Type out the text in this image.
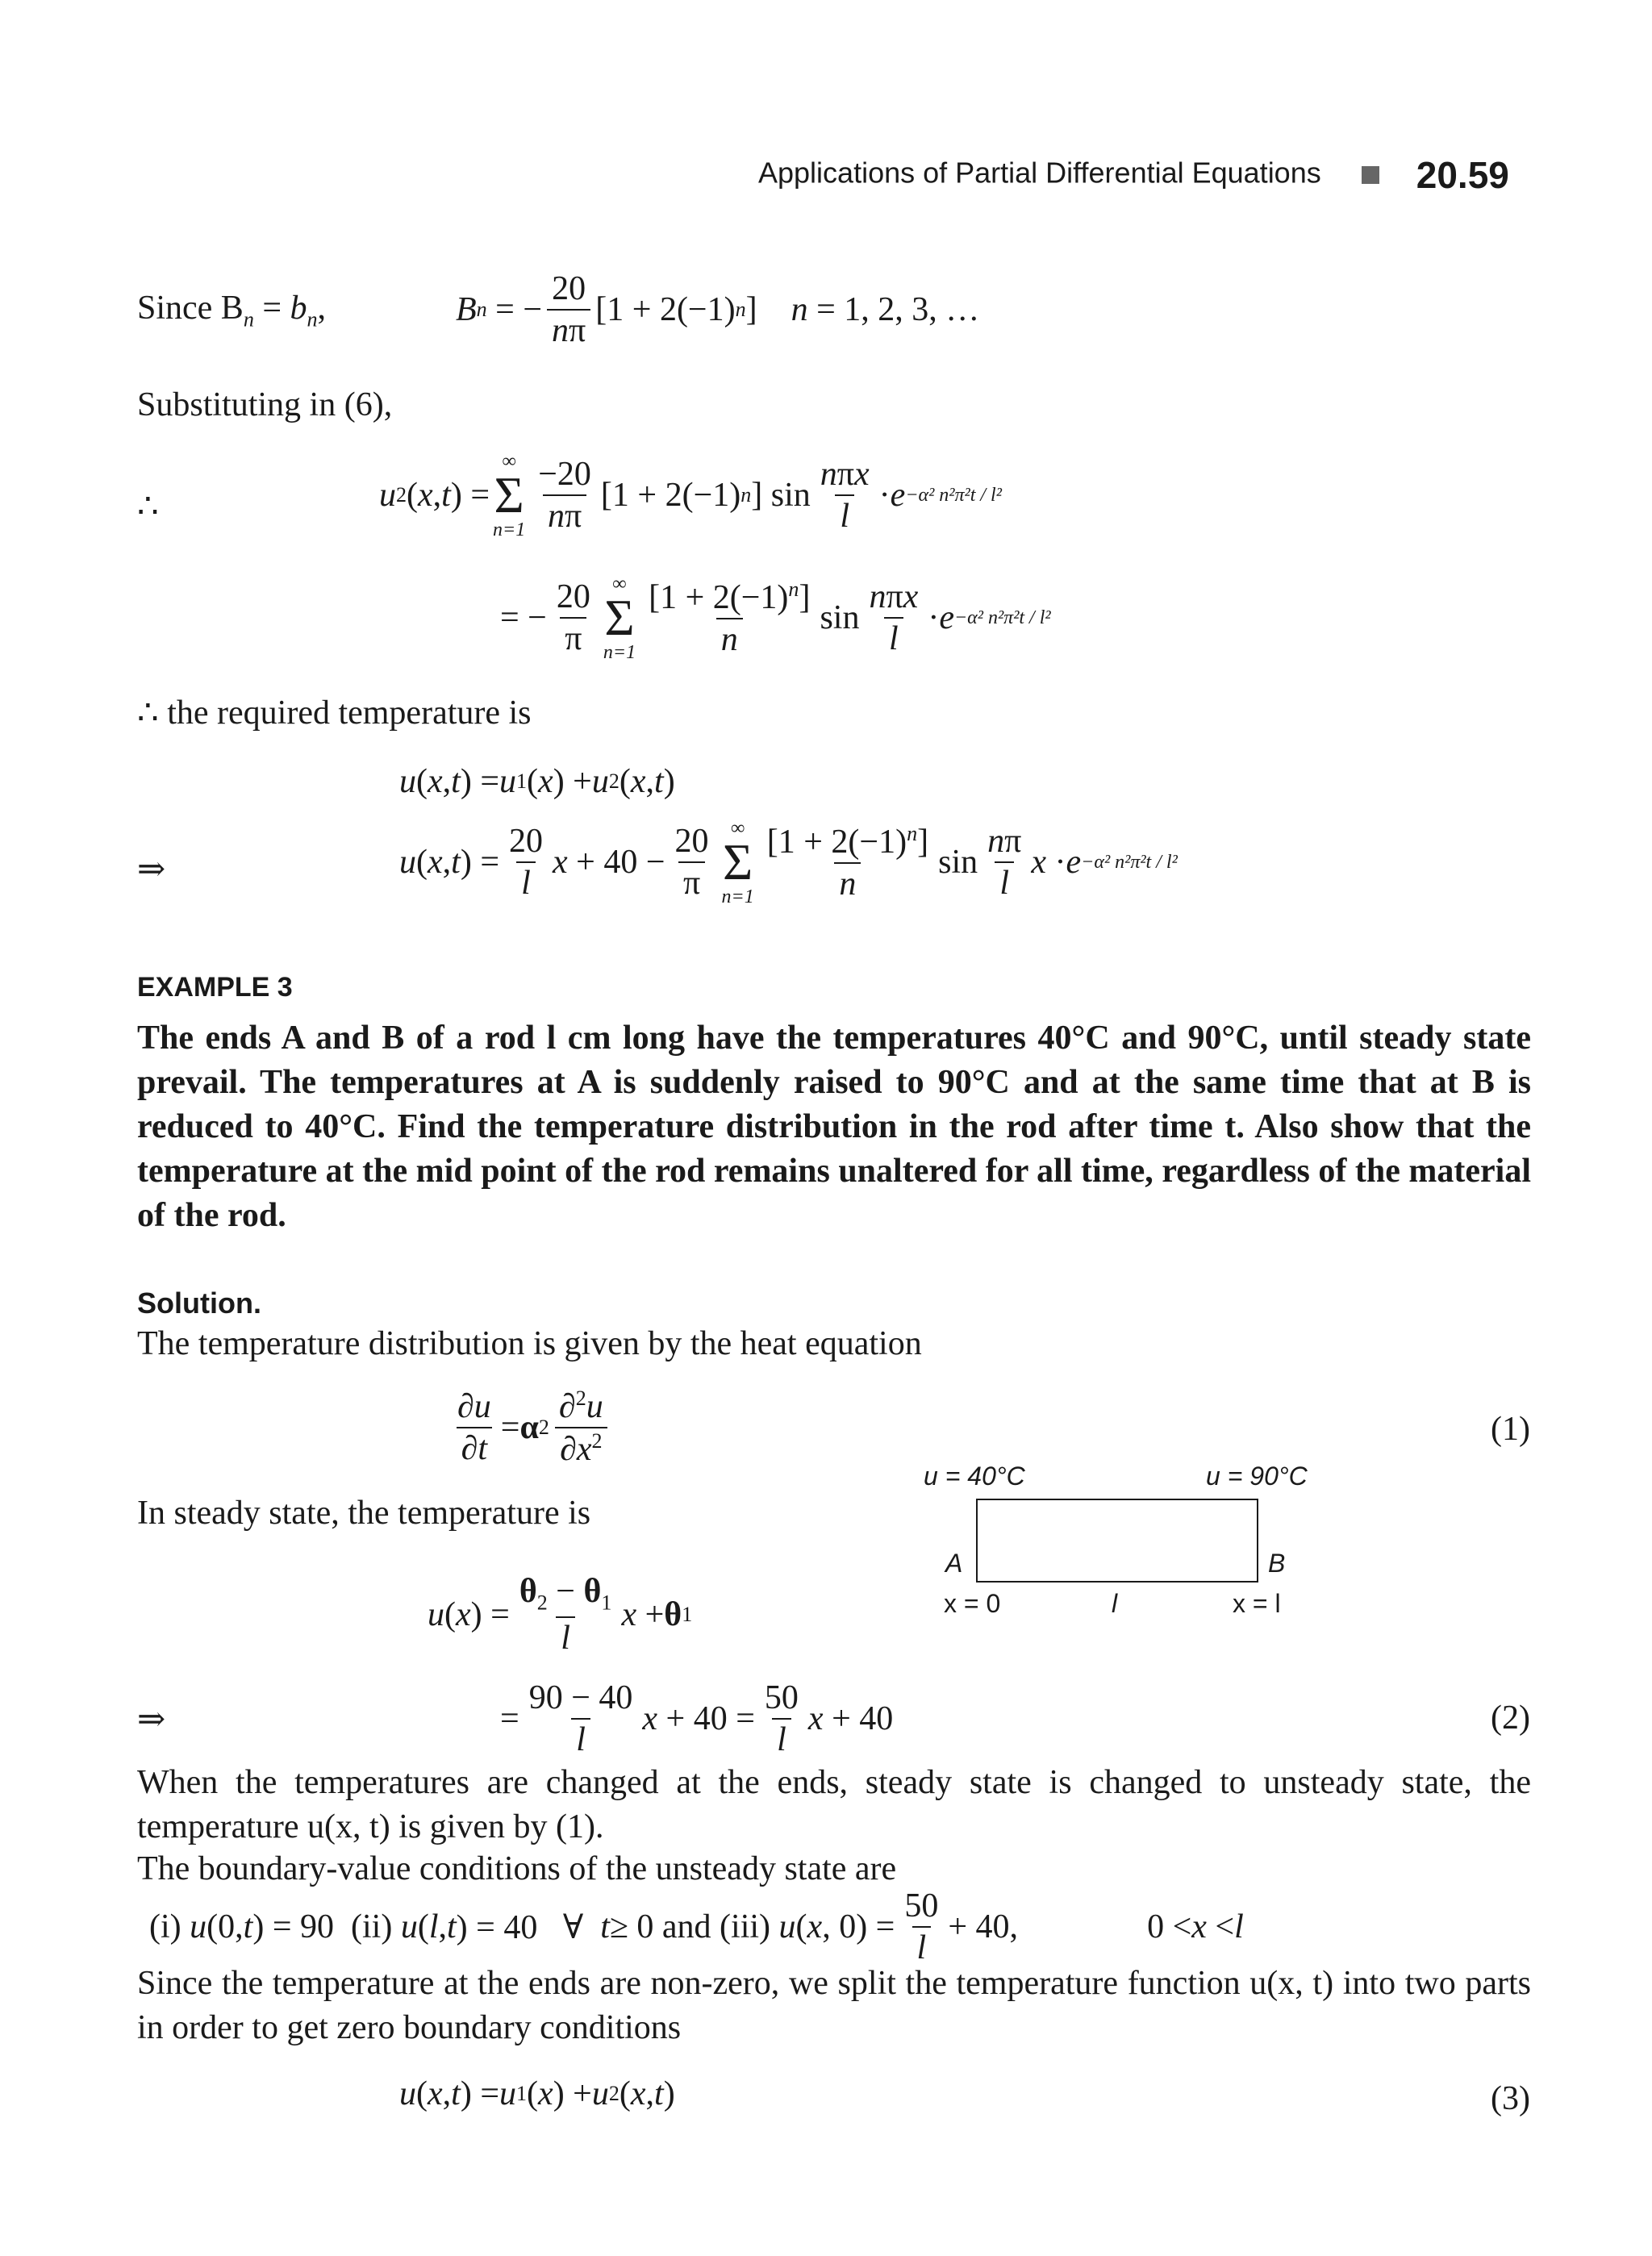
Applications of Partial Differential Equations	20.59
Since $B_n = b_n$,	B n = − $\frac{20}{n\pi} [1 + 2(-1)$ n ] n = 1, 2, 3, …
Substituting in (6),
∴	u 2 ( x , t ) =
∞
Σ
$n=1 \frac{-20}{n\pi} [1 + 2(-1)$ n ] $\sin \frac{\text{nπx}}{l} \cdot e -\alpha^2$ n²π²t / l²
= − $\frac{20}{\pi}$ ∞
Σ
$n=1 \frac{[1 + 2(-1)^n]}{n}$ $\sin \frac{\text{nπx}}{l} \cdot e -\alpha^2$ n²π²t / l²
∴ the required temperature is
u ( x , t ) = u 1 ( x ) + u 2 ( x , t )
⇒	u ( x , t ) = $\frac{20}{l}$ $x + 40 - \frac{20}{\pi}$ ∞
Σ
$n=1 \frac{[1 + 2(-1)^n]}{n}$ $\sin \frac{n\pi}{l}$ x · e −α² n²π²t / l²
EXAMPLE 3
The ends A and B of a rod l cm long have the temperatures 40°C and 90°C, until steady state prevail. The temperatures at A is suddenly raised to 90°C and at the same time that at B is reduced to 40°C. Find the temperature distribution in the rod after time t. Also show that the temperature at the mid point of the rod remains unaltered for all time, regardless of the material of the rod.
Solution.
The temperature distribution is given by the heat equation
$\frac{\partial u}{\partial t} = \alpha$ $2 \frac{\partial^2u}{\partial x^2}$	(1)
In steady state, the temperature is
u = 40°C	u = 90°C
A	B
x = 0	l	x = l
u ( x ) = $\frac{\theta_2 - \theta_1}{l}$ x + θ 1
⇒	= $\frac{90 - 40}{l}$ $x + 40 = \frac{50}{l}$ x + 40	(2)
When the temperatures are changed at the ends, steady state is changed to unsteady state, the temperature u(x, t) is given by (1).
The boundary-value conditions of the unsteady state are
(i) u (0, t ) = 90  (ii) u ( l , t ) = 40   ∀ t ≥ 0 and (iii) u ( x , $0) = \frac{50}{l} + 40$,	0 < x < l
Since the temperature at the ends are non-zero, we split the temperature function u(x, t) into two parts in order to get zero boundary conditions
u ( x , t ) = u 1 ( x ) + u 2 ( x , t )	(3)
